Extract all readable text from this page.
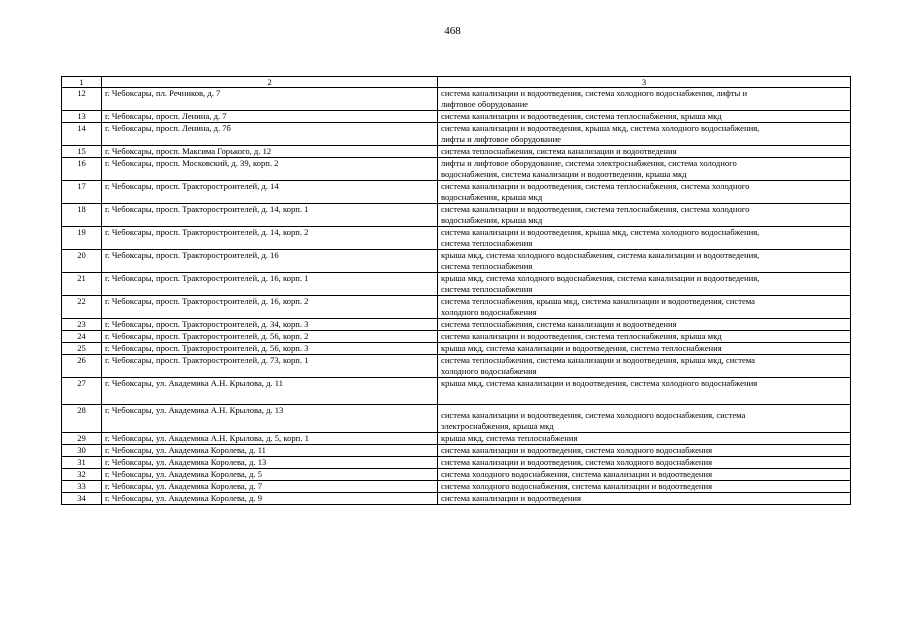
468
1	2	3
12	г. Чебоксары, пл. Речников, д. 7	система канализации и водоотведения, система холодного водоснабжения, лифты и
лифтовое оборудование

13	г. Чебоксары, просп. Ленина, д. 7	система канализации и водоотведения, система теплоснабжения, крыша мкд

14	г. Чебоксары, просп. Ленина, д. 7б	система канализации и водоотведения, крыша мкд, система холодного водоснабжения,
лифты и лифтовое оборудование

15	г. Чебоксары, просп. Максима Горького, д. 12	система теплоснабжения, система канализации и водоотведения

16	г. Чебоксары, просп. Московский, д. 39, корп. 2	лифты и лифтовое оборудование, система электроснабжения, система холодного
водоснабжения, система канализации и водоотведения, крыша мкд

17	г. Чебоксары, просп. Тракторостроителей, д. 14	система канализации и водоотведения, система теплоснабжения, система холодного
водоснабжения, крыша мкд

18	г. Чебоксары, просп. Тракторостроителей, д. 14, корп. 1	система канализации и водоотведения, система теплоснабжения, система холодного
водоснабжения, крыша мкд

19	г. Чебоксары, просп. Тракторостроителей, д. 14, корп. 2	система канализации и водоотведения, крыша мкд, система холодного водоснабжения,
система теплоснабжения

20	г. Чебоксары, просп. Тракторостроителей, д. 16	крыша мкд, система холодного водоснабжения, система канализации и водоотведения,
система теплоснабжения

21	г. Чебоксары, просп. Тракторостроителей, д. 16, корп. 1	крыша мкд, система холодного водоснабжения, система канализации и водоотведения,
система теплоснабжения

22	г. Чебоксары, просп. Тракторостроителей, д. 16, корп. 2	система теплоснабжения, крыша мкд, система канализации и водоотведения, система
холодного водоснабжения

23	г. Чебоксары, просп. Тракторостроителей, д. 34, корп. 3	система теплоснабжения, система канализации и водоотведения

24	г. Чебоксары, просп. Тракторостроителей, д. 56, корп. 2	система канализации и водоотведения, система теплоснабжения, крыша мкд

25	г. Чебоксары, просп. Тракторостроителей, д. 56, корп. 3	крыша мкд, система канализации и водоотведения, система теплоснабжения

26	г. Чебоксары, просп. Тракторостроителей, д. 73, корп. 1	система теплоснабжения, система канализации и водоотведения, крыша мкд, система
холодного водоснабжения

27	г. Чебоксары, ул. Академика А.Н. Крылова, д. 11	крыша мкд, система канализации и водоотведения, система холодного водоснабжения

28	г. Чебоксары, ул. Академика А.Н. Крылова, д. 13	система канализации и водоотведения, система холодного водоснабжения, система
электроснабжения, крыша мкд

29	г. Чебоксары, ул. Академика А.Н. Крылова, д. 5, корп. 1	крыша мкд, система теплоснабжения

30	г. Чебоксары, ул. Академика Королева, д. 11	система канализации и водоотведения, система холодного водоснабжения

31	г. Чебоксары, ул. Академика Королева, д. 13	система канализации и водоотведения, система холодного водоснабжения

32	г. Чебоксары, ул. Академика Королева, д. 5	система холодного водоснабжения, система канализации и водоотведения

33	г. Чебоксары, ул. Академика Королева, д. 7	система холодного водоснабжения, система канализации и водоотведения

34	г. Чебоксары, ул. Академика Королева, д. 9	система канализации и водоотведения
